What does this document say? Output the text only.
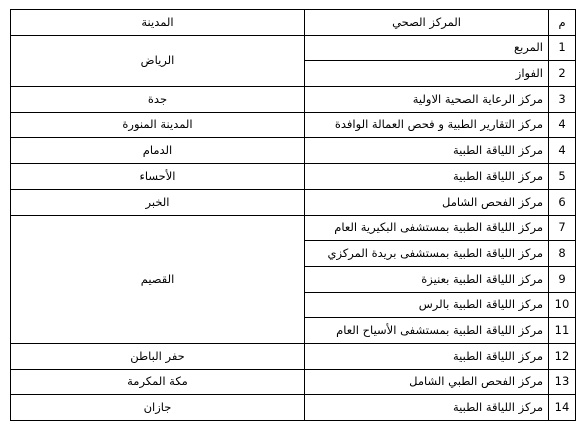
م	المركز الصحي	المدينة
1	المربع	الرياض
2	الفواز	
3	مركز الرعاية الصحية الاولية	جدة
4	مركز التقارير الطبية و فحص العمالة الوافدة	المدينة المنورة
4	مركز اللياقة الطبية	الدمام
5	مركز اللياقة الطبية	الأحساء
6	مركز الفحص الشامل	الخبر
7	مركز اللياقة الطبية بمستشفى البكيرية العام	القصيم
8	مركز اللياقة الطبية بمستشفى بريدة المركزي	
9	مركز اللياقة الطبية بعنيزة	
10	مركز اللياقة الطبية بالرس	
11	مركز اللياقة الطبية بمستشفى الأسياح العام	
12	مركز اللياقة الطبية	حفر الباطن
13	مركز الفحص الطبي الشامل	مكة المكرمة
14	مركز اللياقة الطبية	جازان
